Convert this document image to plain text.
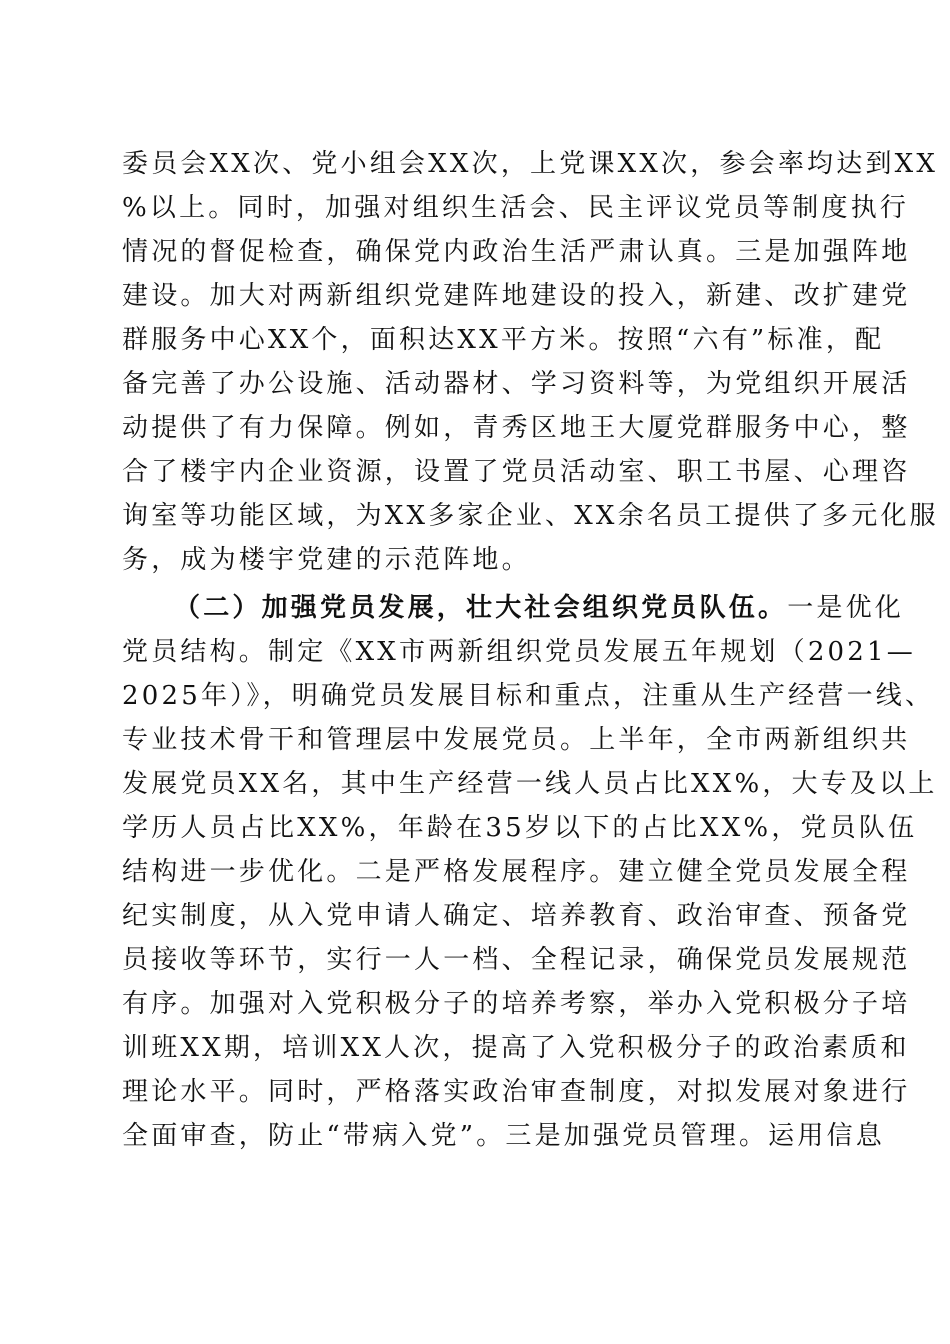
委员会XX次、党小组会XX次，上党课XX次，参会率均达到XX
%以上。同时，加强对组织生活会、民主评议党员等制度执行
情况的督促检查，确保党内政治生活严肃认真。三是加强阵地
建设。加大对两新组织党建阵地建设的投入，新建、改扩建党
群服务中心XX个，面积达XX平方米。按照“六有”标准，配
备完善了办公设施、活动器材、学习资料等，为党组织开展活
动提供了有力保障。例如，青秀区地王大厦党群服务中心，整
合了楼宇内企业资源，设置了党员活动室、职工书屋、心理咨
询室等功能区域，为XX多家企业、XX余名员工提供了多元化服
务，成为楼宇党建的示范阵地。
（二）加强党员发展，壮大社会组织党员队伍。一是优化
党员结构。制定《XX市两新组织党员发展五年规划（2021—
2025年）》，明确党员发展目标和重点，注重从生产经营一线、
专业技术骨干和管理层中发展党员。上半年，全市两新组织共
发展党员XX名，其中生产经营一线人员占比XX%，大专及以上
学历人员占比XX%，年龄在35岁以下的占比XX%，党员队伍
结构进一步优化。二是严格发展程序。建立健全党员发展全程
纪实制度，从入党申请人确定、培养教育、政治审查、预备党
员接收等环节，实行一人一档、全程记录，确保党员发展规范
有序。加强对入党积极分子的培养考察，举办入党积极分子培
训班XX期，培训XX人次，提高了入党积极分子的政治素质和
理论水平。同时，严格落实政治审查制度，对拟发展对象进行
全面审查，防止“带病入党”。三是加强党员管理。运用信息
